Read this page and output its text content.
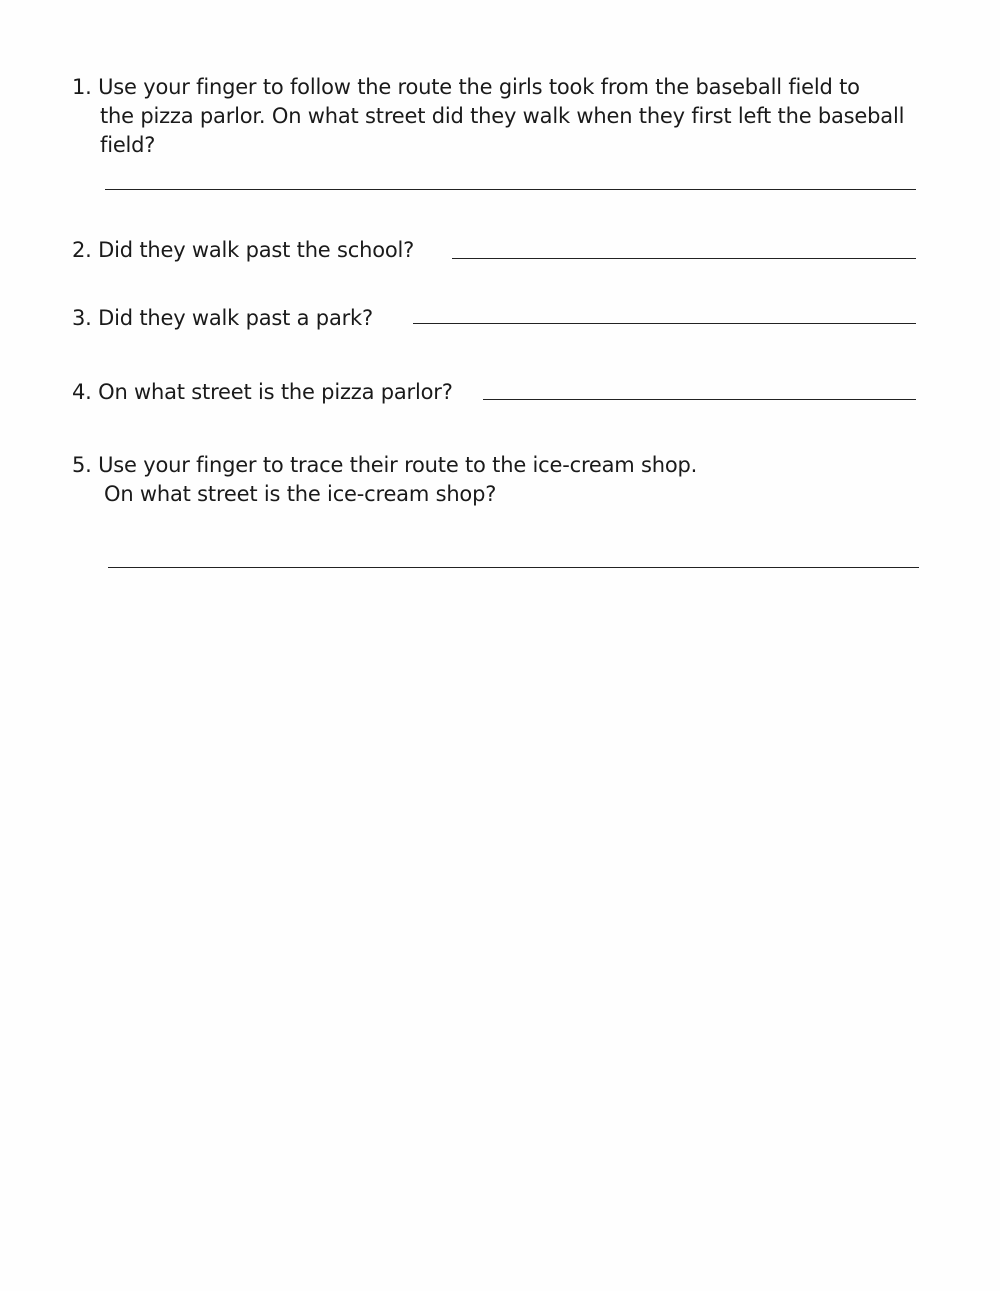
1. Use your finger to follow the route the girls took from the baseball field to

the pizza parlor. On what street did they walk when they first left the baseball

field?

2. Did they walk past the school?

3. Did they walk past a park?

4. On what street is the pizza parlor?

5. Use your finger to trace their route to the ice-cream shop.

On what street is the ice-cream shop?
